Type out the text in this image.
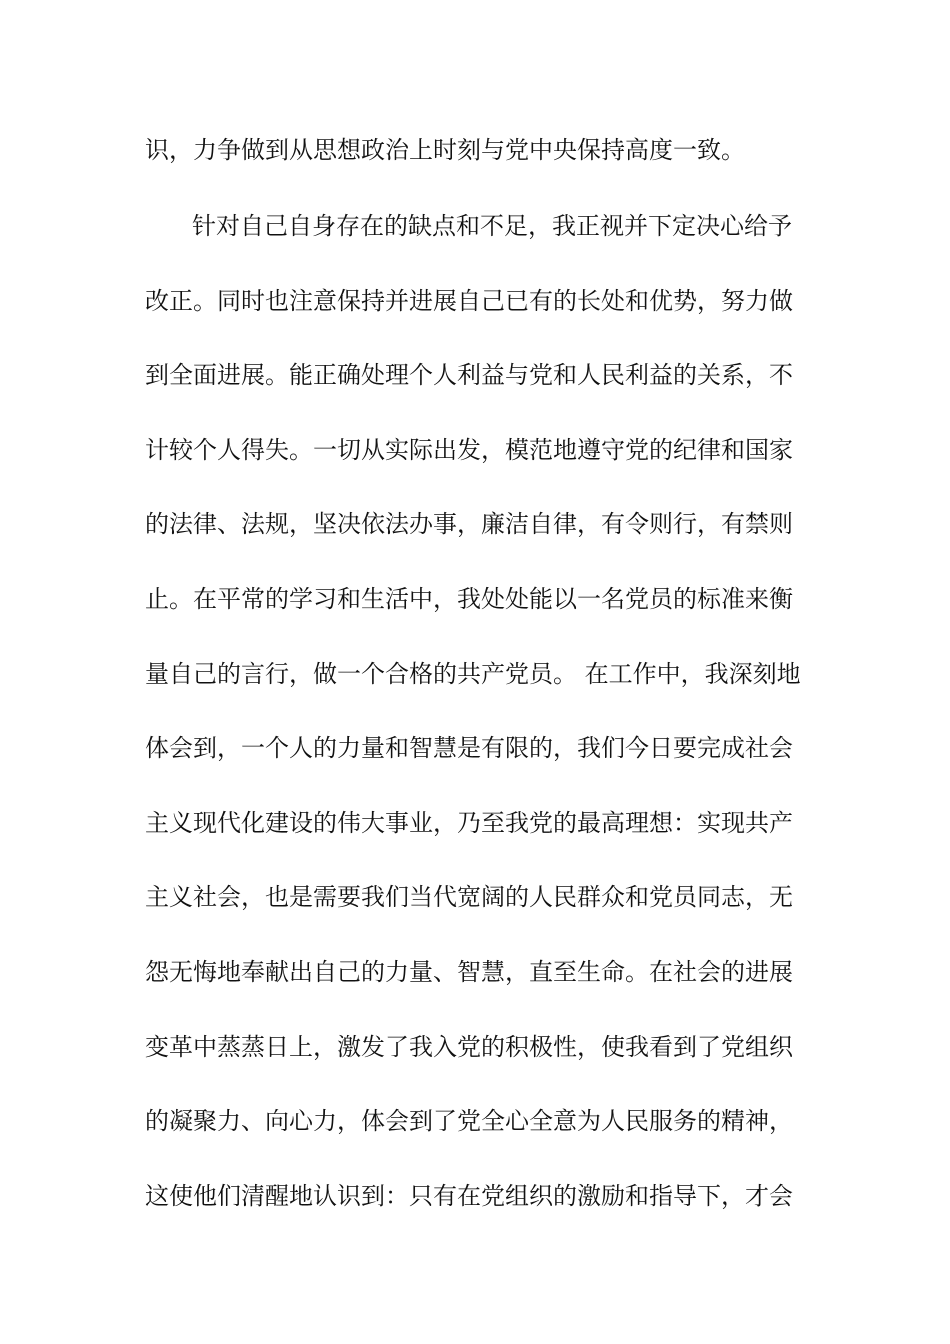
识，力争做到从思想政治上时刻与党中央保持高度一致。
针对自己自身存在的缺点和不足，我正视并下定决心给予
改正。同时也注意保持并进展自己已有的长处和优势，努力做
到全面进展。能正确处理个人利益与党和人民利益的关系，不
计较个人得失。一切从实际出发，模范地遵守党的纪律和国家
的法律、法规，坚决依法办事，廉洁自律，有令则行，有禁则
止。在平常的学习和生活中，我处处能以一名党员的标准来衡
量自己的言行，做一个合格的共产党员。 在工作中，我深刻地
体会到，一个人的力量和智慧是有限的，我们今日要完成社会
主义现代化建设的伟大事业，乃至我党的最高理想：实现共产
主义社会，也是需要我们当代宽阔的人民群众和党员同志，无
怨无悔地奉献出自己的力量、智慧，直至生命。在社会的进展
变革中蒸蒸日上，激发了我入党的积极性，使我看到了党组织
的凝聚力、向心力，体会到了党全心全意为人民服务的精神，
这使他们清醒地认识到：只有在党组织的激励和指导下，才会
